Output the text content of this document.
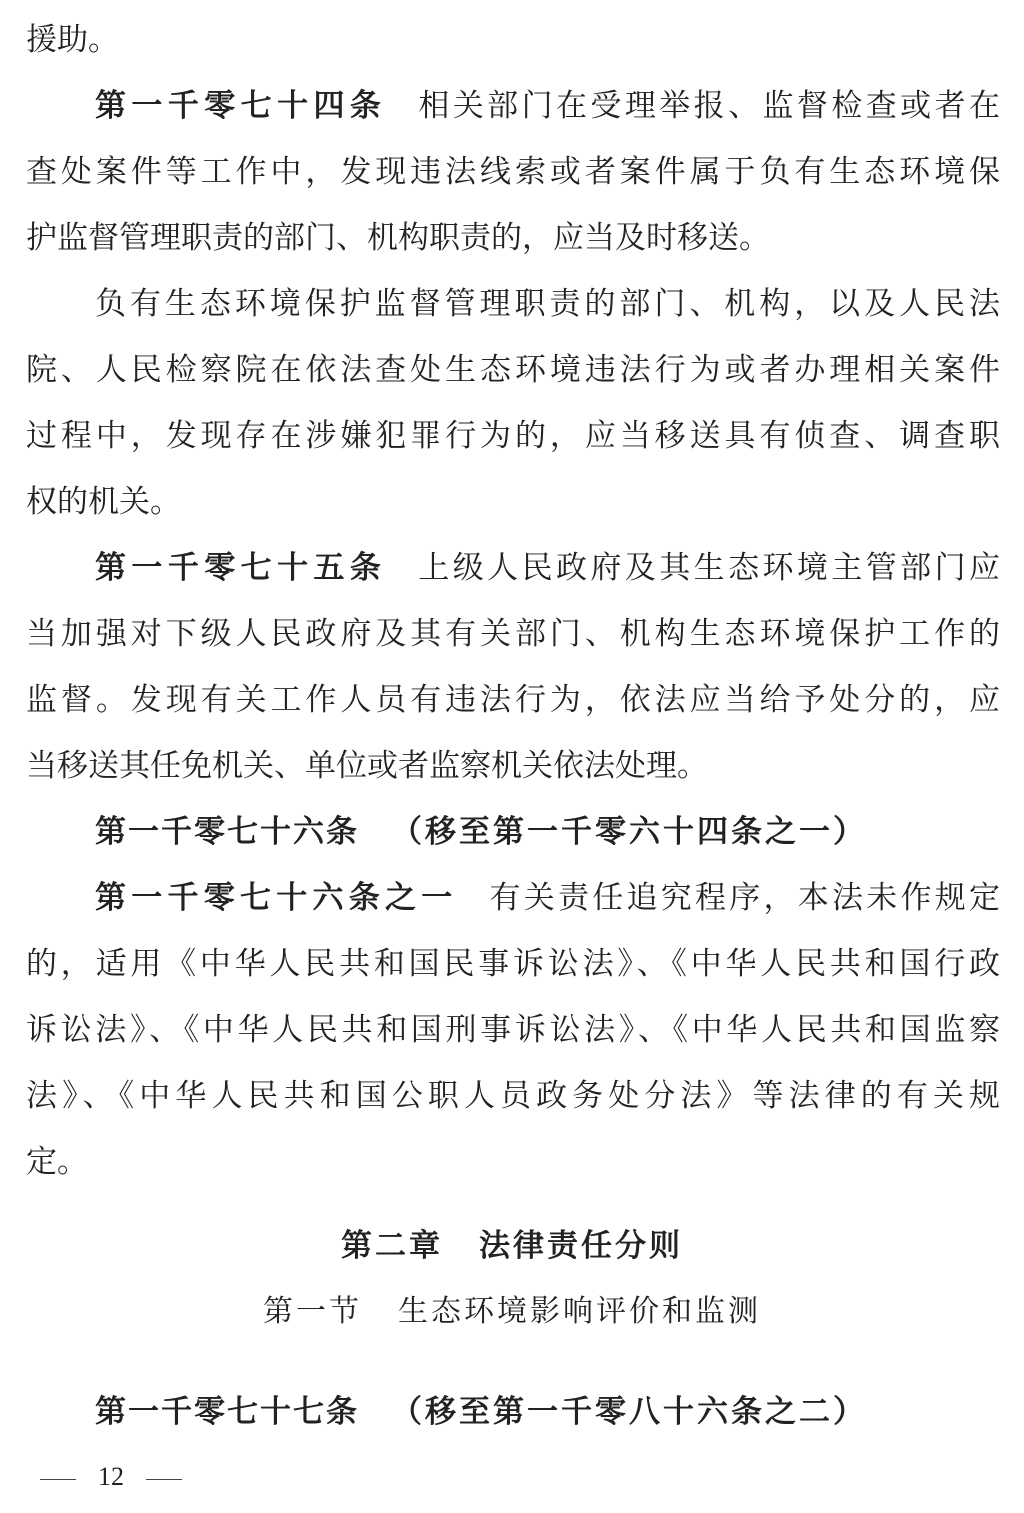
援助。
第一千零七十四条 相关部门在受理举报、监督检查或者在
查处案件等工作中，发现违法线索或者案件属于负有生态环境保
护监督管理职责的部门、机构职责的，应当及时移送。
负有生态环境保护监督管理职责的部门、机构，以及人民法
院、人民检察院在依法查处生态环境违法行为或者办理相关案件
过程中，发现存在涉嫌犯罪行为的，应当移送具有侦查、调查职
权的机关。
第一千零七十五条 上级人民政府及其生态环境主管部门应
当加强对下级人民政府及其有关部门、机构生态环境保护工作的
监督。发现有关工作人员有违法行为，依法应当给予处分的，应
当移送其任免机关、单位或者监察机关依法处理。
第一千零七十六条 （移至第一千零六十四条之一）
第一千零七十六条之一 有关责任追究程序，本法未作规定
的，适用《中华人民共和国民事诉讼法》、《中华人民共和国行政
诉讼法》、《中华人民共和国刑事诉讼法》、《中华人民共和国监察
法》、《中华人民共和国公职人员政务处分法》等法律的有关规
定。
第二章 法律责任分则
第一节 生态环境影响评价和监测
第一千零七十七条 （移至第一千零八十六条之二）
12
